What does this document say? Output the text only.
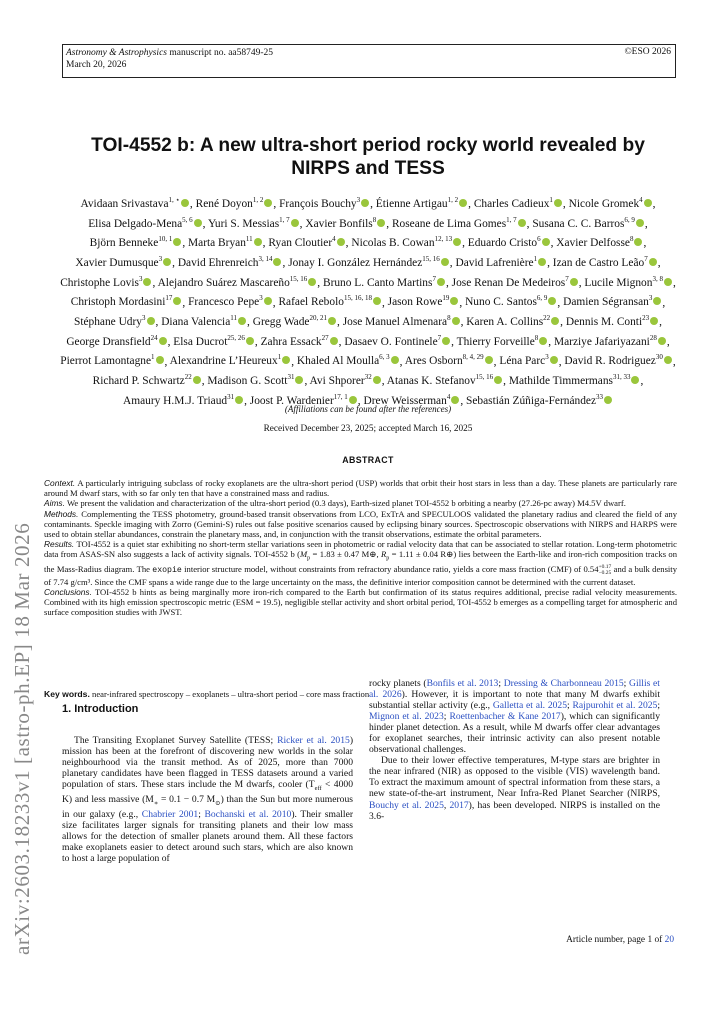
arXiv:2603.18233v1 [astro-ph.EP] 18 Mar 2026
Astronomy & Astrophysics manuscript no. aa58749-25
March 20, 2026
©ESO 2026
TOI-4552 b: A new ultra-short period rocky world revealed by
NIRPS and TESS
Avidaan Srivastava$^{1, ⋆}$ , René Doyon$^{1, 2}$ , François Bouchy$^3$ , Étienne Artigau$^{1, 2}$ , Charles Cadieux$^1$ , Nicole Gromek$^4$ , Elisa Delgado-Mena$^{5, 6}$ , Yuri S. Messias$^{1, 7}$ , Xavier Bonfils$^8$ , Roseane de Lima Gomes$^{1, 7}$ , Susana C. C. Barros$^{6, 9}$ , Björn Benneke$^{10, 1}$ , Marta Bryan$^{11}$ , Ryan Cloutier$^4$ , Nicolas B. Cowan$^{12, 13}$ , Eduardo Cristo$^6$ , Xavier Delfosse$^8$ , Xavier Dumusque$^3$ , David Ehrenreich$^{3, 14}$ , Jonay I. González Hernández$^{15, 16}$ , David Lafrenière$^1$ , Izan de Castro Leão$^7$ , Christophe Lovis$^3$ , Alejandro Suárez Mascareño$^{15, 16}$ , Bruno L. Canto Martins$^7$ , Jose Renan De Medeiros$^7$ , Lucile Mignon$^{3, 8}$ , Christoph Mordasini$^{17}$ , Francesco Pepe$^3$ , Rafael Rebolo$^{15, 16, 18}$ , Jason Rowe$^{19}$ , Nuno C. Santos$^{6, 9}$ , Damien Ségransan$^3$ , Stéphane Udry$^3$ , Diana Valencia$^{11}$ , Gregg Wade$^{20, 21}$ , Jose Manuel Almenara$^8$ , Karen A. Collins$^{22}$ , Dennis M. Conti$^{23}$ , George Dransfield$^{24}$ , Elsa Ducrot$^{25, 26}$ , Zahra Essack$^{27}$ , Dasaev O. Fontinele$^7$ , Thierry Forveille$^8$ , Marziye Jafariyazani$^{28}$ , Pierrot Lamontagne$^1$ , Alexandrine L’Heureux$^1$ , Khaled Al Moulla$^{6, 3}$ , Ares Osborn$^{8, 4, 29}$ , Léna Parc$^3$ , David R. Rodriguez$^{30}$ , Richard P. Schwartz$^{22}$ , Madison G. Scott$^{31}$ , Avi Shporer$^{32}$ , Atanas K. Stefanov$^{15, 16}$ , Mathilde Timmermans$^{31, 33}$ , Amaury H.M.J. Triaud$^{31}$ , Joost P. Wardenier$^{17, 1}$ , Drew Weisserman$^4$ , Sebastián Zúñiga-Fernández$^{33}$
(Affiliations can be found after the references)
Received December 23, 2025; accepted March 16, 2025
ABSTRACT

Context. A particularly intriguing subclass of rocky exoplanets are the ultra-short period (USP) worlds that orbit their host stars in less than a day. These planets are particularly rare around M dwarf stars, with so far only ten that have a constrained mass and radius.

Aims. We present the validation and characterization of the ultra-short period (0.3 days), Earth-sized planet TOI-4552 b orbiting a nearby (27.26-pc away) M4.5V dwarf.

Methods. Complementing the TESS photometry, ground-based transit observations from LCO, ExTrA and SPECULOOS validated the planetary radius and cleared the field of any contaminants. Speckle imaging with Zorro (Gemini-S) rules out false positive scenarios caused by eclipsing binary sources. Spectroscopic observations with NIRPS and HARPS were used to obtain stellar abundances, constrain the planetary mass, and, in conjunction with the transit observations, estimate the orbital parameters.

Results. TOI-4552 is a quiet star exhibiting no short-term stellar variations seen in photometric or radial velocity data that can be associated to stellar rotation. Long-term photometric data from ASAS-SN also suggests a lack of activity signals. TOI-4552 b ($M_p = 1.83 \pm 0.47$ M⊕, $R_p = 1.11 \pm 0.04$ R⊕) lies between the Earth-like and iron-rich composition tracks on the Mass-Radius diagram. The exopie interior structure model, without constraints from refractory abundance ratio, yields a core mass fraction (CMF) of 0.54 +0.17
−0.25 and a bulk density of 7.74 g/cm³. Since the CMF spans a wide range due to the large uncertainty on the mass, the definitive interior composition cannot be determined with the current dataset.

Conclusions. TOI-4552 b hints as being marginally more iron-rich compared to the Earth but confirmation of its status requires additional, precise radial velocity measurements. Combined with its high emission spectroscopic metric (ESM = 19.5), negligible stellar activity and short orbital period, TOI-4552 b emerges as a compelling target for atmospheric and surface composition studies with JWST.

Key words. near-infrared spectroscopy – exoplanets – ultra-short period – core mass fraction
1. Introduction

The Transiting Exoplanet Survey Satellite (TESS; Ricker et al. 2015) mission has been at the forefront of discovering new worlds in the solar neighbourhood via the transit method. As of 2025, more than 7000 planetary candidates have been flagged in TESS datasets around a varied population of stars. These stars include the M dwarfs, cooler ($T_{eff} < 4000$ K) and less massive ($M_∗ = 0.1 - 0.7$ $M_⊙$) than the Sun but more numerous in our galaxy (e.g., Chabrier 2001; Bochanski et al. 2010). Their smaller size facilitates larger signals for transiting planets and their low mass allows for the detection of smaller planets around them. All these factors make exoplanets easier to detect around such stars, which are also known to host a large population of

rocky planets (Bonfils et al. 2013; Dressing & Charbonneau 2015; Gillis et al. 2026). However, it is important to note that many M dwarfs exhibit substantial stellar activity (e.g., Galletta et al. 2025; Rajpurohit et al. 2025; Mignon et al. 2023; Roettenbacher & Kane 2017), which can significantly hinder planet detection. As a result, while M dwarfs offer clear advantages for exoplanet searches, their intrinsic activity can also present notable observational challenges.

Due to their lower effective temperatures, M-type stars are brighter in the near infrared (NIR) as opposed to the visible (VIS) wavelength band. To extract the maximum amount of spectral information from these stars, a new state-of-the-art instrument, Near Infra-Red Planet Searcher (NIRPS, Bouchy et al. 2025, 2017), has been developed. NIRPS is installed on the 3.6-

Article number, page 1 of 20
